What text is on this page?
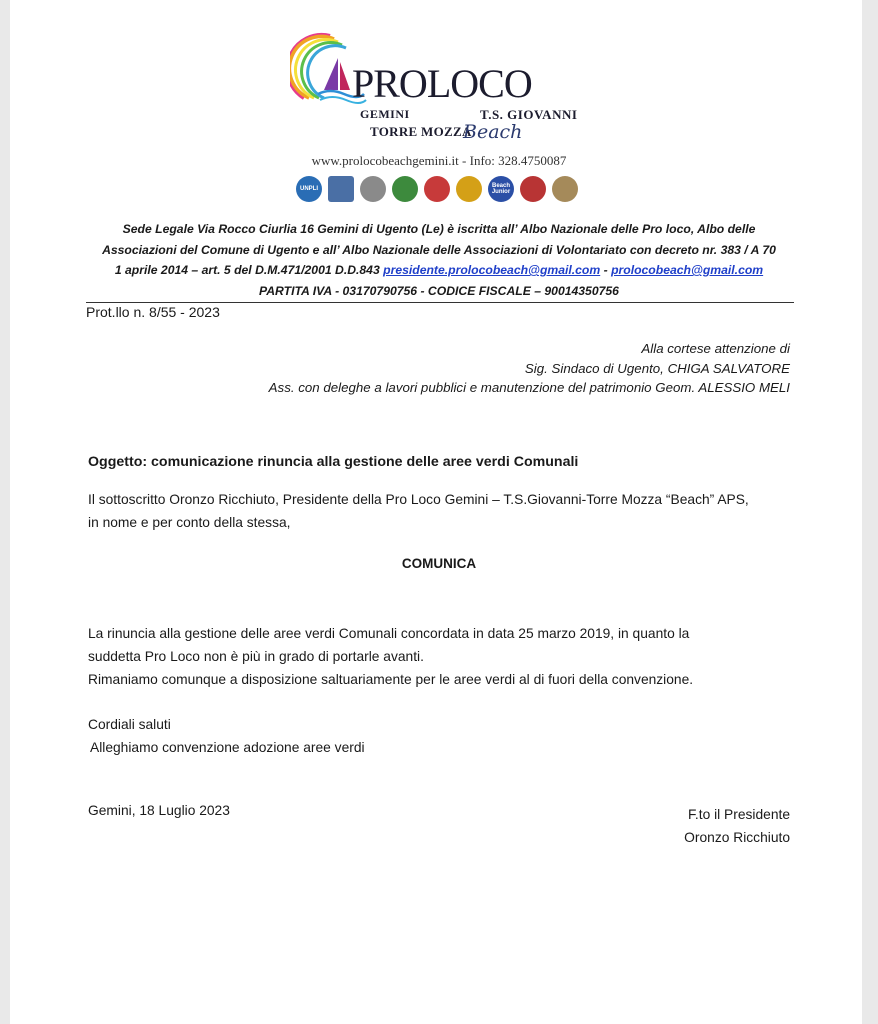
PROLOCO
GEMINI	T.S. GIOVANNI
TORRE MOZZA
Beach
www.prolocobeachgemini.it - Info: 328.4750087
UNPLI	Beach Junior
Sede Legale Via Rocco Ciurlia 16 Gemini di Ugento (Le) è iscritta all’ Albo Nazionale delle Pro loco, Albo delle
Associazioni del Comune di Ugento e all’ Albo Nazionale delle Associazioni di Volontariato con decreto nr. 383 / A 70
1 aprile 2014 – art. 5 del D.M.471/2001 D.D.843 presidente.prolocobeach@gmail.com - prolocobeach@gmail.com
PARTITA IVA - 03170790756 - CODICE FISCALE – 90014350756
Prot.llo n. 8/55 - 2023
Alla cortese attenzione di
Sig. Sindaco di Ugento, CHIGA SALVATORE
Ass. con deleghe a lavori pubblici e manutenzione del patrimonio Geom. ALESSIO MELI
Oggetto: comunicazione rinuncia alla gestione delle aree verdi Comunali
Il sottoscritto Oronzo Ricchiuto, Presidente della Pro Loco Gemini – T.S.Giovanni-Torre Mozza “Beach” APS,
in nome e per conto della stessa,
COMUNICA
La rinuncia alla gestione delle aree verdi Comunali concordata in data 25 marzo 2019, in quanto la
suddetta Pro Loco non è più in grado di portarle avanti.
Rimaniamo comunque a disposizione saltuariamente per le aree verdi al di fuori della convenzione.
Cordiali saluti
Alleghiamo convenzione adozione aree verdi
Gemini, 18 Luglio 2023	F.to il Presidente
Oronzo Ricchiuto
